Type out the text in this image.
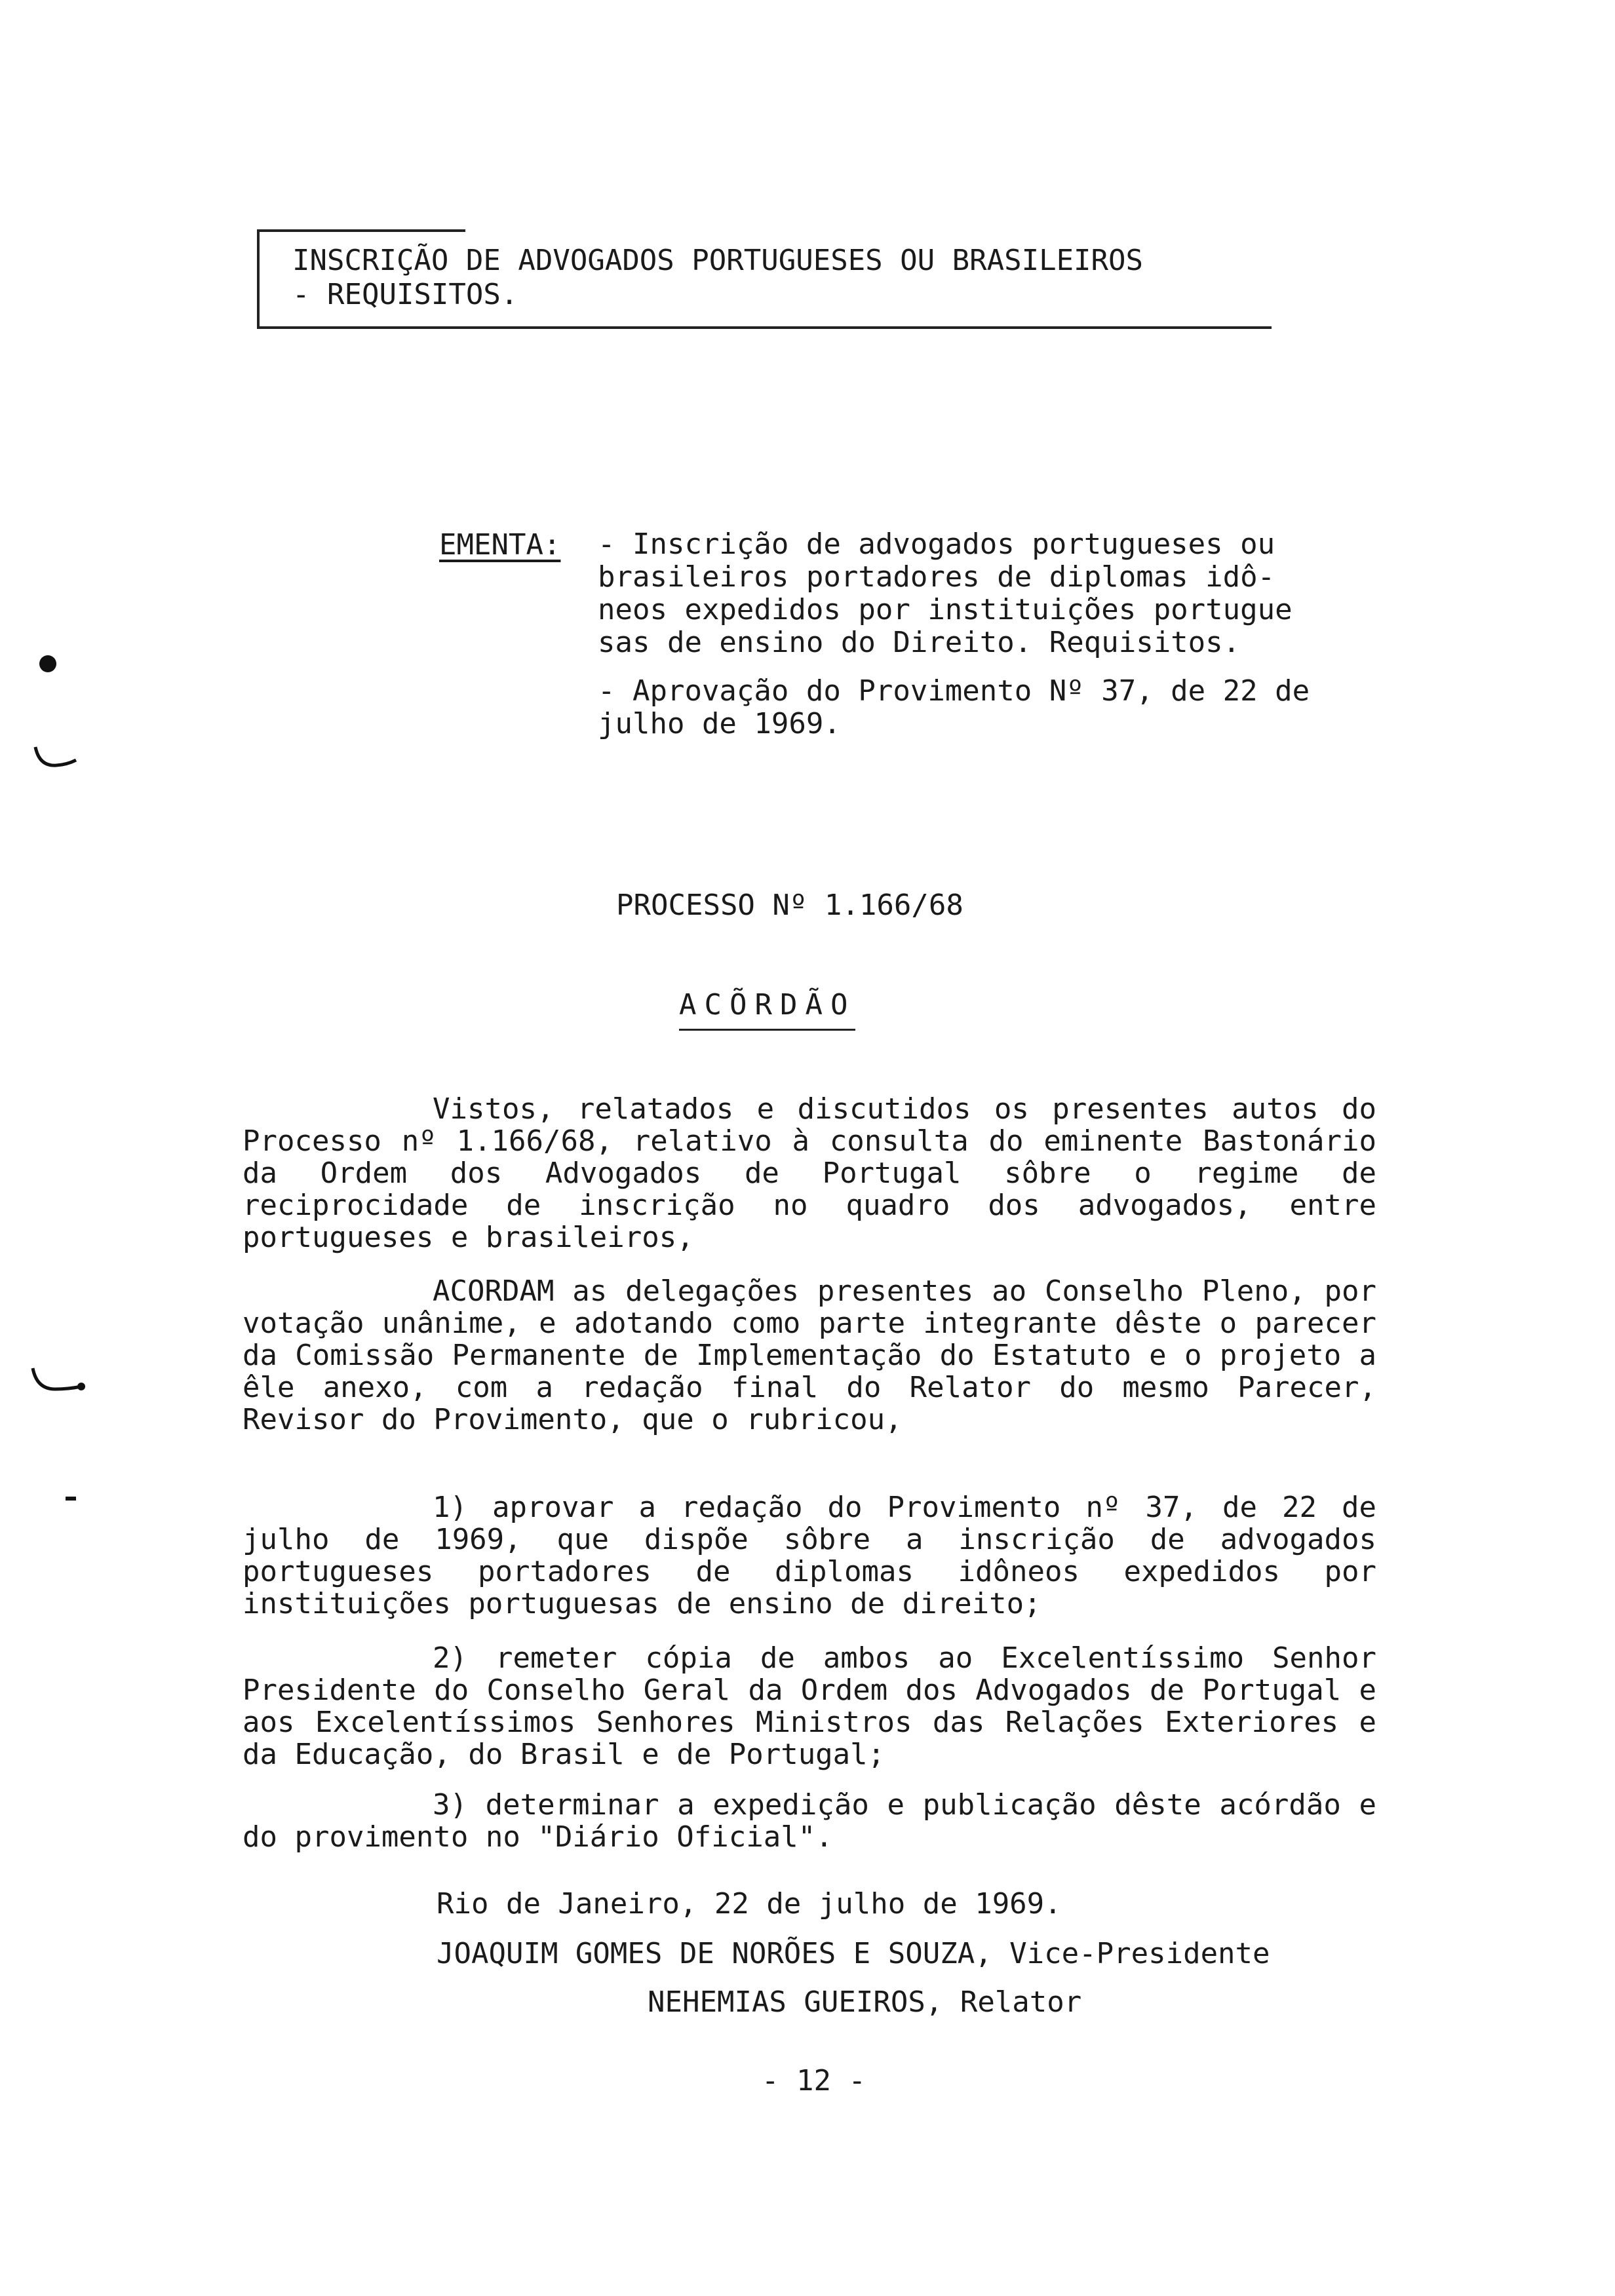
INSCRIÇÃO DE ADVOGADOS PORTUGUESES OU BRASILEIROS
- REQUISITOS.
EMENTA: - Inscrição de advogados portugueses ou
brasileiros portadores de diplomas idô-
neos expedidos por instituições portugue
sas de ensino do Direito. Requisitos.
- Aprovação do Provimento Nº 37, de 22 de
julho de 1969.
PROCESSO Nº 1.166/68
ACÕRDÃO
Vistos, relatados e discutidos os presentes autos do Processo nº 1.166/68, relativo à consulta do eminente Bastonário da Ordem dos Advogados de Portugal sôbre o regime de reciprocidade de inscrição no quadro dos advogados, entre portugueses e brasileiros,
ACORDAM as delegações presentes ao Conselho Pleno, por votação unânime, e adotando como parte integrante dêste o parecer da Comissão Permanente de Implementação do Estatuto e o projeto a êle anexo, com a redação final do Relator do mesmo Parecer, Revisor do Provimento, que o rubricou,
1) aprovar a redação do Provimento nº 37, de 22 de julho de 1969, que dispõe sôbre a inscrição de advogados portugueses portadores de diplomas idôneos expedidos por instituições portuguesas de ensino de direito;
2) remeter cópia de ambos ao Excelentíssimo Senhor Presidente do Conselho Geral da Ordem dos Advogados de Portugal e aos Excelentíssimos Senhores Ministros das Relações Exteriores e da Educação, do Brasil e de Portugal;
3) determinar a expedição e publicação dêste acórdão e do provimento no "Diário Oficial".
Rio de Janeiro, 22 de julho de 1969.
JOAQUIM GOMES DE NORÕES E SOUZA, Vice-Presidente
NEHEMIAS GUEIROS, Relator
- 12 -
